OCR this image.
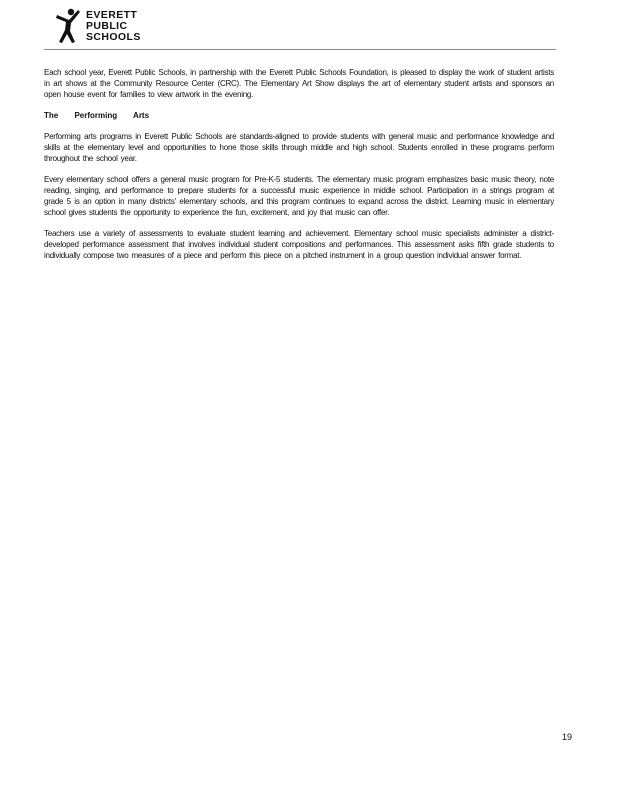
EVERETT
PUBLIC
SCHOOLS

Each school year, Everett Public Schools, in partnership with the Everett Public Schools Foundation, is pleased to display the work of student artists in art shows at the Community Resource Center (CRC). The Elementary Art Show displays the art of elementary student artists and sponsors an open house event for families to view artwork in the evening.

The Performing Arts

Performing arts programs in Everett Public Schools are standards-aligned to provide students with general music and performance knowledge and skills at the elementary level and opportunities to hone those skills through middle and high school. Students enrolled in these programs perform throughout the school year.

Every elementary school offers a general music program for Pre-K-5 students. The elementary music program emphasizes basic music theory, note reading, singing, and performance to prepare students for a successful music experience in middle school. Participation in a strings program at grade 5 is an option in many districts' elementary schools, and this program continues to expand across the district. Learning music in elementary school gives students the opportunity to experience the fun, excitement, and joy that music can offer.

Teachers use a variety of assessments to evaluate student learning and achievement. Elementary school music specialists administer a district-developed performance assessment that involves individual student compositions and performances. This assessment asks fifth grade students to individually compose two measures of a piece and perform this piece on a pitched instrument in a group question individual answer format.

19
